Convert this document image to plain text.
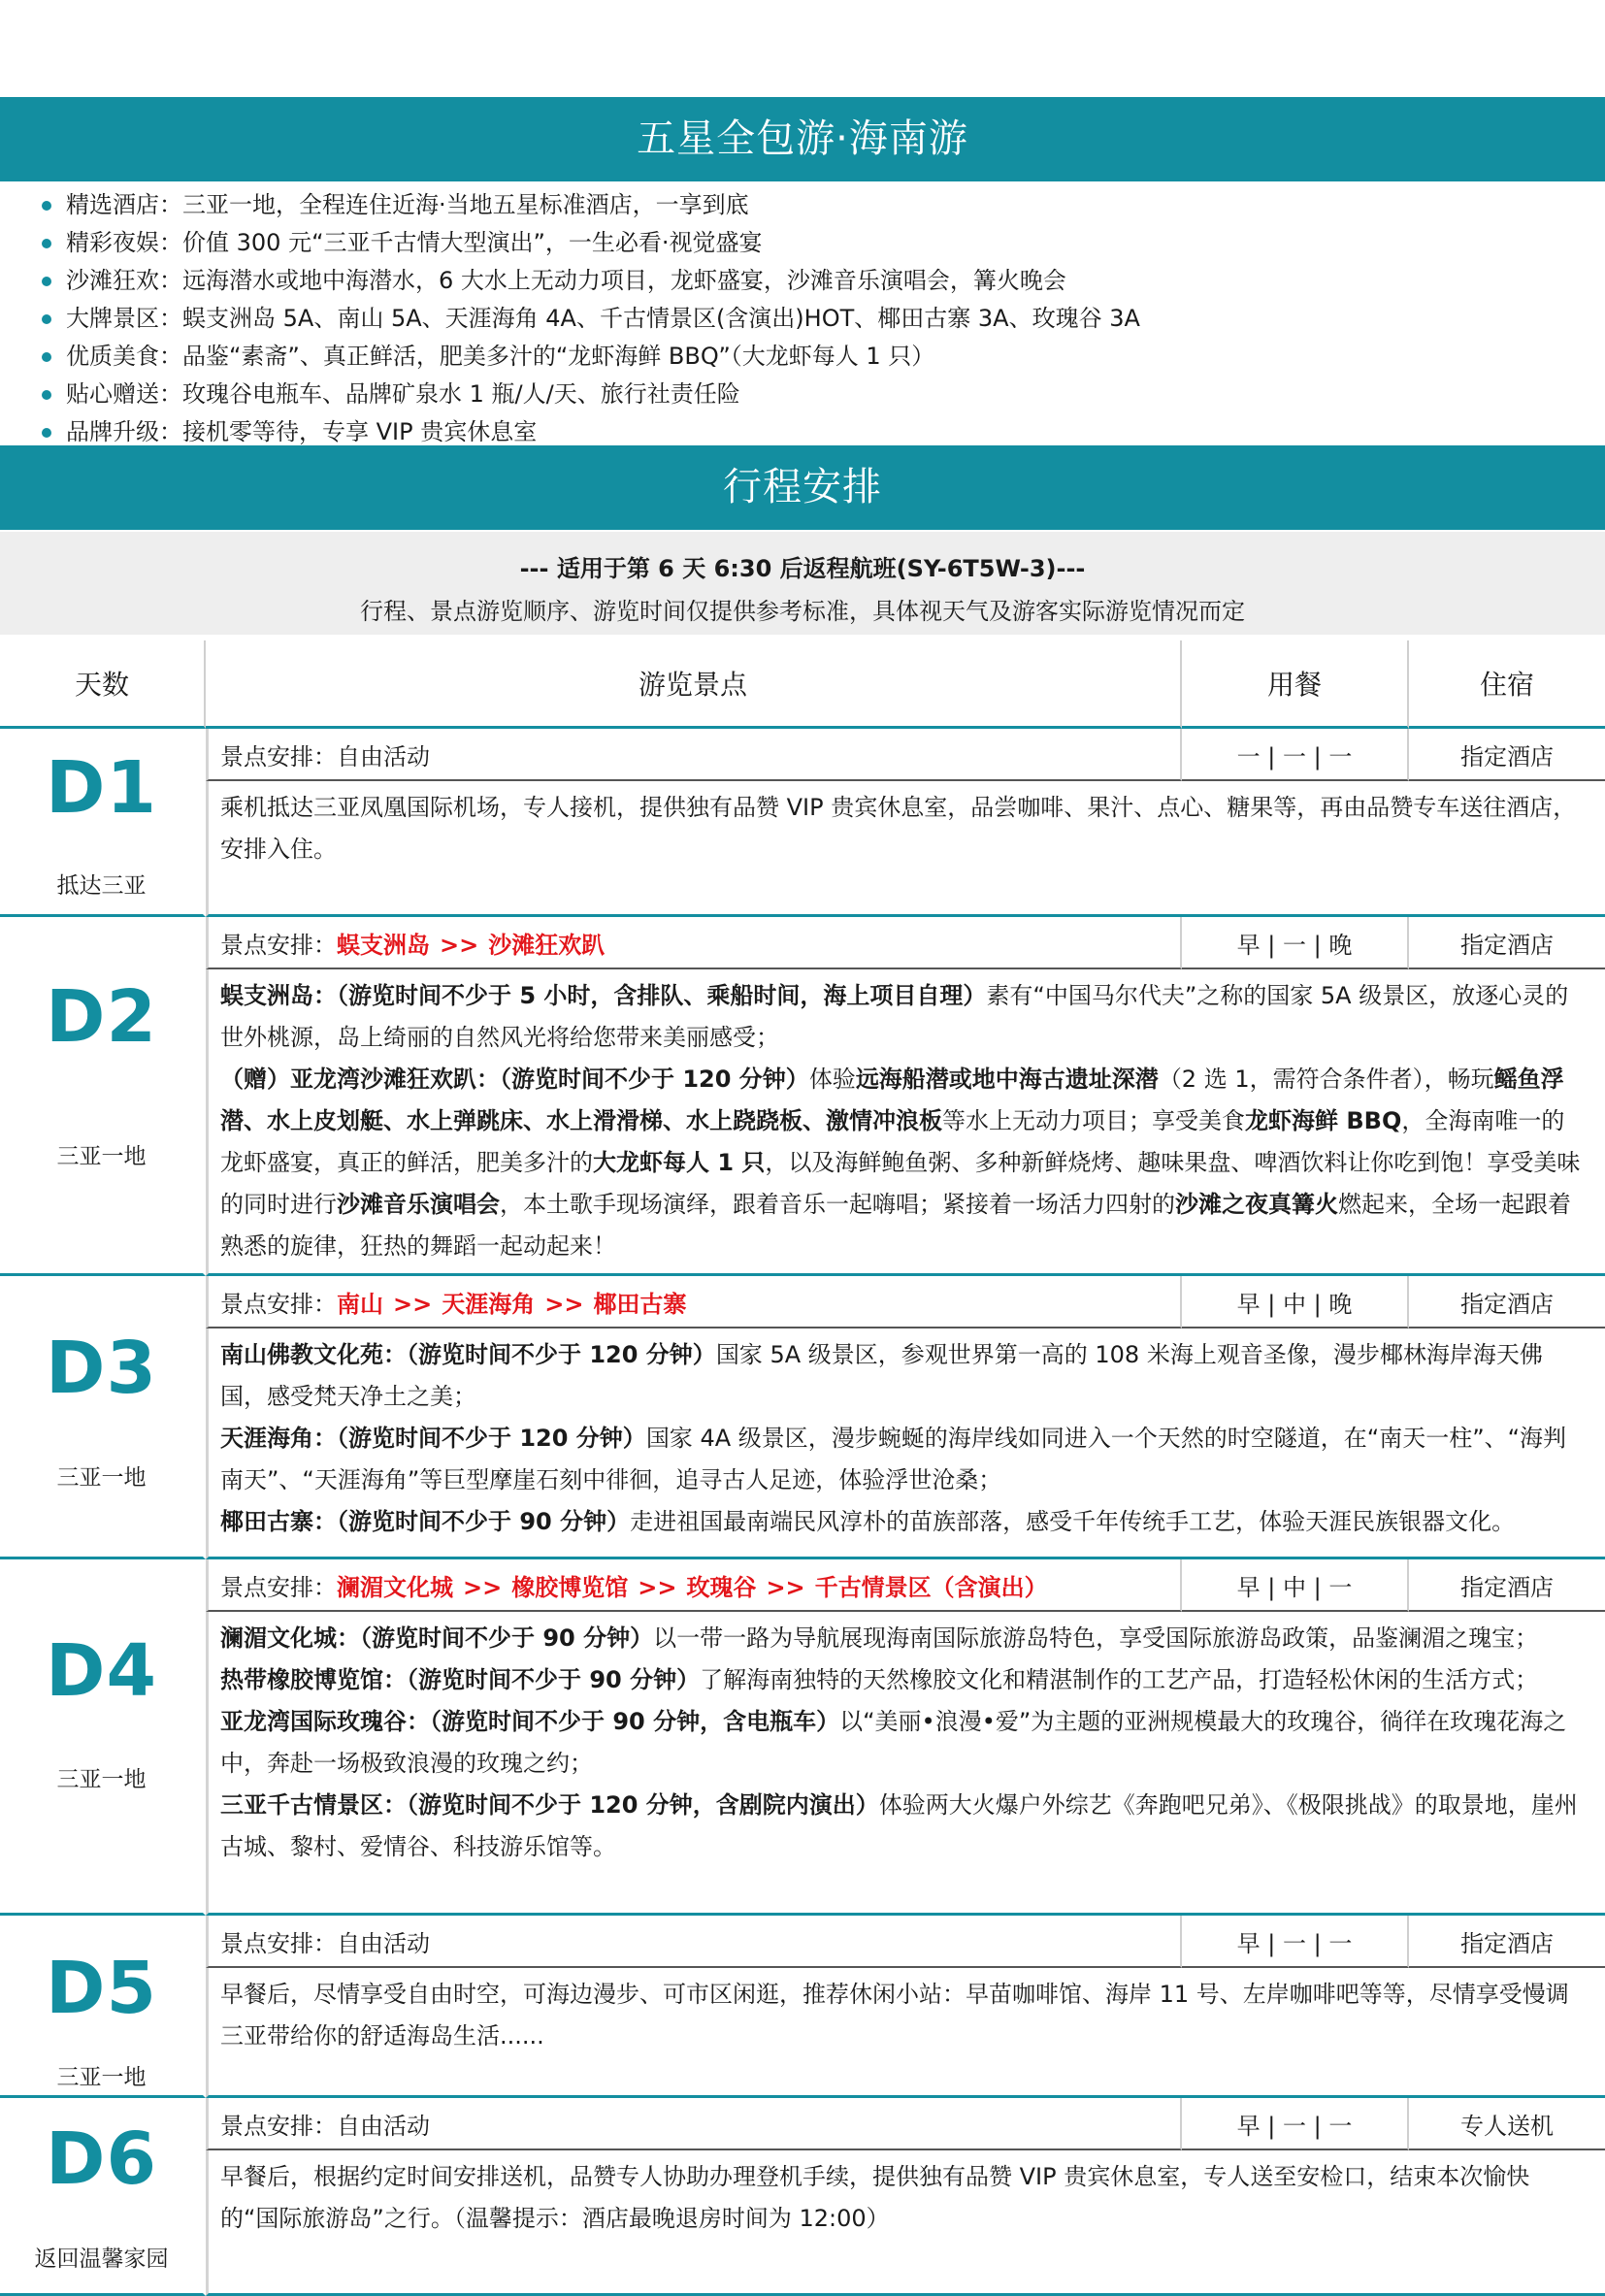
五星全包游·海南游
精选酒店：三亚一地，全程连住近海·当地五星标准酒店，一享到底
精彩夜娱：价值 300 元“三亚千古情大型演出”，一生必看·视觉盛宴
沙滩狂欢：远海潜水或地中海潜水，6 大水上无动力项目，龙虾盛宴，沙滩音乐演唱会，篝火晚会
大牌景区：蜈支洲岛 5A、南山 5A、天涯海角 4A、千古情景区(含演出)HOT、椰田古寨 3A、玫瑰谷 3A
优质美食：品鉴“素斋”、真正鲜活，肥美多汁的“龙虾海鲜 BBQ”（大龙虾每人 1 只）
贴心赠送：玫瑰谷电瓶车、品牌矿泉水 1 瓶/人/天、旅行社责任险
品牌升级：接机零等待，专享 VIP 贵宾休息室
行程安排
--- 适用于第 6 天 6:30 后返程航班(SY-6T5W-3)---
行程、景点游览顺序、游览时间仅提供参考标准，具体视天气及游客实际游览情况而定
天数	游览景点	用餐	住宿

D1
抵达三亚	景点安排：自由活动	一 | 一 | 一	指定酒店

	乘机抵达三亚凤凰国际机场，专人接机，提供独有品赞 VIP 贵宾休息室，品尝咖啡、果汁、点心、糖果等，再由品赞专车送往酒店，安排入住。		

D2
三亚一地	景点安排：蜈支洲岛 >> 沙滩狂欢趴	早 | 一 | 晚	指定酒店

	蜈支洲岛：（游览时间不少于 5 小时，含排队、乘船时间，海上项目自理）素有“中国马尔代夫”之称的国家 5A 级景区，放逐心灵的世外桃源，岛上绮丽的自然风光将给您带来美丽感受；

（赠）亚龙湾沙滩狂欢趴：（游览时间不少于 120 分钟）体验远海船潜或地中海古遗址深潜（2 选 1，需符合条件者），畅玩鳐鱼浮潜、水上皮划艇、水上弹跳床、水上滑滑梯、水上跷跷板、激情冲浪板等水上无动力项目；享受美食龙虾海鲜 BBQ，全海南唯一的龙虾盛宴，真正的鲜活，肥美多汁的大龙虾每人 1 只，以及海鲜鲍鱼粥、多种新鲜烧烤、趣味果盘、啤酒饮料让你吃到饱！享受美味的同时进行沙滩音乐演唱会，本土歌手现场演绎，跟着音乐一起嗨唱；紧接着一场活力四射的沙滩之夜真篝火燃起来，全场一起跟着熟悉的旋律，狂热的舞蹈一起动起来！		

D3
三亚一地	景点安排：南山 >> 天涯海角 >> 椰田古寨	早 | 中 | 晚	指定酒店

	南山佛教文化苑：（游览时间不少于 120 分钟）国家 5A 级景区，参观世界第一高的 108 米海上观音圣像，漫步椰林海岸海天佛国，感受梵天净土之美；

天涯海角：（游览时间不少于 120 分钟）国家 4A 级景区，漫步蜿蜒的海岸线如同进入一个天然的时空隧道，在“南天一柱”、“海判南天”、“天涯海角”等巨型摩崖石刻中徘徊，追寻古人足迹，体验浮世沧桑；

椰田古寨：（游览时间不少于 90 分钟）走进祖国最南端民风淳朴的苗族部落，感受千年传统手工艺，体验天涯民族银器文化。		

D4
三亚一地	景点安排：澜湄文化城 >> 橡胶博览馆 >> 玫瑰谷 >> 千古情景区（含演出）	早 | 中 | 一	指定酒店

	澜湄文化城：（游览时间不少于 90 分钟）以一带一路为导航展现海南国际旅游岛特色，享受国际旅游岛政策，品鉴澜湄之瑰宝；

热带橡胶博览馆：（游览时间不少于 90 分钟）了解海南独特的天然橡胶文化和精湛制作的工艺产品，打造轻松休闲的生活方式；

亚龙湾国际玫瑰谷：（游览时间不少于 90 分钟，含电瓶车）以“美丽•浪漫•爱”为主题的亚洲规模最大的玫瑰谷，徜徉在玫瑰花海之中，奔赴一场极致浪漫的玫瑰之约；

三亚千古情景区：（游览时间不少于 120 分钟，含剧院内演出）体验两大火爆户外综艺《奔跑吧兄弟》、《极限挑战》的取景地，崖州古城、黎村、爱情谷、科技游乐馆等。		

D5
三亚一地	景点安排：自由活动	早 | 一 | 一	指定酒店

	早餐后，尽情享受自由时空，可海边漫步、可市区闲逛，推荐休闲小站：早苗咖啡馆、海岸 11 号、左岸咖啡吧等等，尽情享受慢调三亚带给你的舒适海岛生活......		

D6
返回温馨家园	景点安排：自由活动	早 | 一 | 一	专人送机

	早餐后，根据约定时间安排送机，品赞专人协助办理登机手续，提供独有品赞 VIP 贵宾休息室，专人送至安检口，结束本次愉快的“国际旅游岛”之行。（温馨提示：酒店最晚退房时间为 12:00）		
